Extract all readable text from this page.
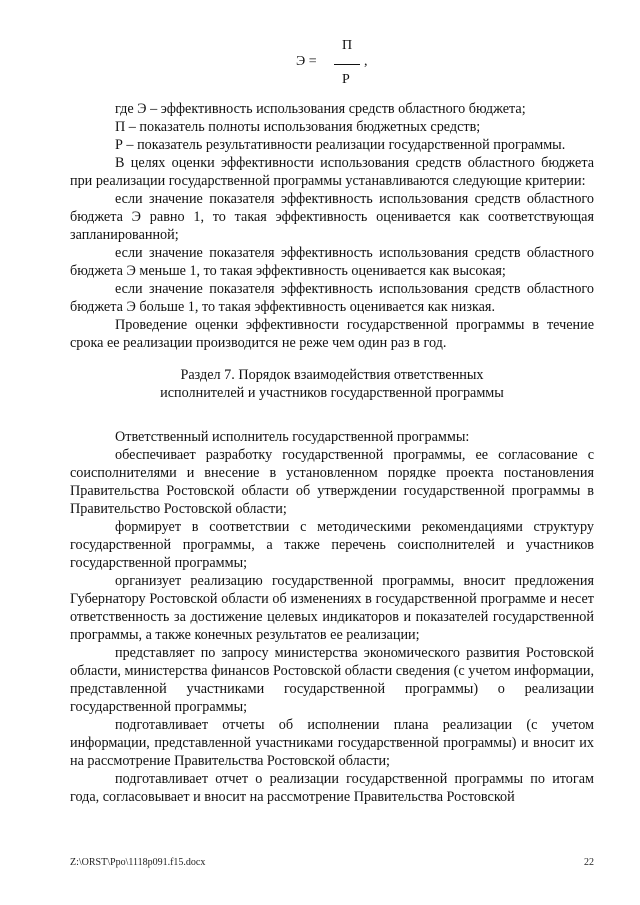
П
Э =	,
Р

где Э – эффективность использования средств областного бюджета;

П – показатель полноты использования бюджетных средств;

Р – показатель результативности реализации государственной программы.

В целях оценки эффективности использования средств областного бюджета при реализации государственной программы устанавливаются следующие критерии:

если значение показателя эффективность использования средств областного бюджета Э равно 1, то такая эффективность оценивается как соответствующая запланированной;

если значение показателя эффективность использования средств областного бюджета Э меньше 1, то такая эффективность оценивается как высокая;

если значение показателя эффективность использования средств областного бюджета Э больше 1, то такая эффективность оценивается как низкая.

Проведение оценки эффективности государственной программы в течение срока ее реализации производится не реже чем один раз в год.

Раздел 7. Порядок взаимодействия ответственных

исполнителей и участников государственной программы

Ответственный исполнитель государственной программы:

обеспечивает разработку государственной программы, ее согласование с соисполнителями и внесение в установленном порядке проекта постановления Правительства Ростовской области об утверждении государственной программы в Правительство Ростовской области;

формирует в соответствии с методическими рекомендациями структуру государственной программы, а также перечень соисполнителей и участников государственной программы;

организует реализацию государственной программы, вносит предложения Губернатору Ростовской области об изменениях в государственной программе и несет ответственность за достижение целевых индикаторов и показателей государственной программы, а также конечных результатов ее реализации;

представляет по запросу министерства экономического развития Ростовской области, министерства финансов Ростовской области сведения (с учетом информации, представленной участниками государственной программы) о реализации государственной программы;

подготавливает отчеты об исполнении плана реализации (с учетом информации, представленной участниками государственной программы) и вносит их на рассмотрение Правительства Ростовской области;

подготавливает отчет о реализации государственной программы по итогам года, согласовывает и вносит на рассмотрение Правительства Ростовской

Z:\ORST\Ppo\1118p091.f15.docx	22
